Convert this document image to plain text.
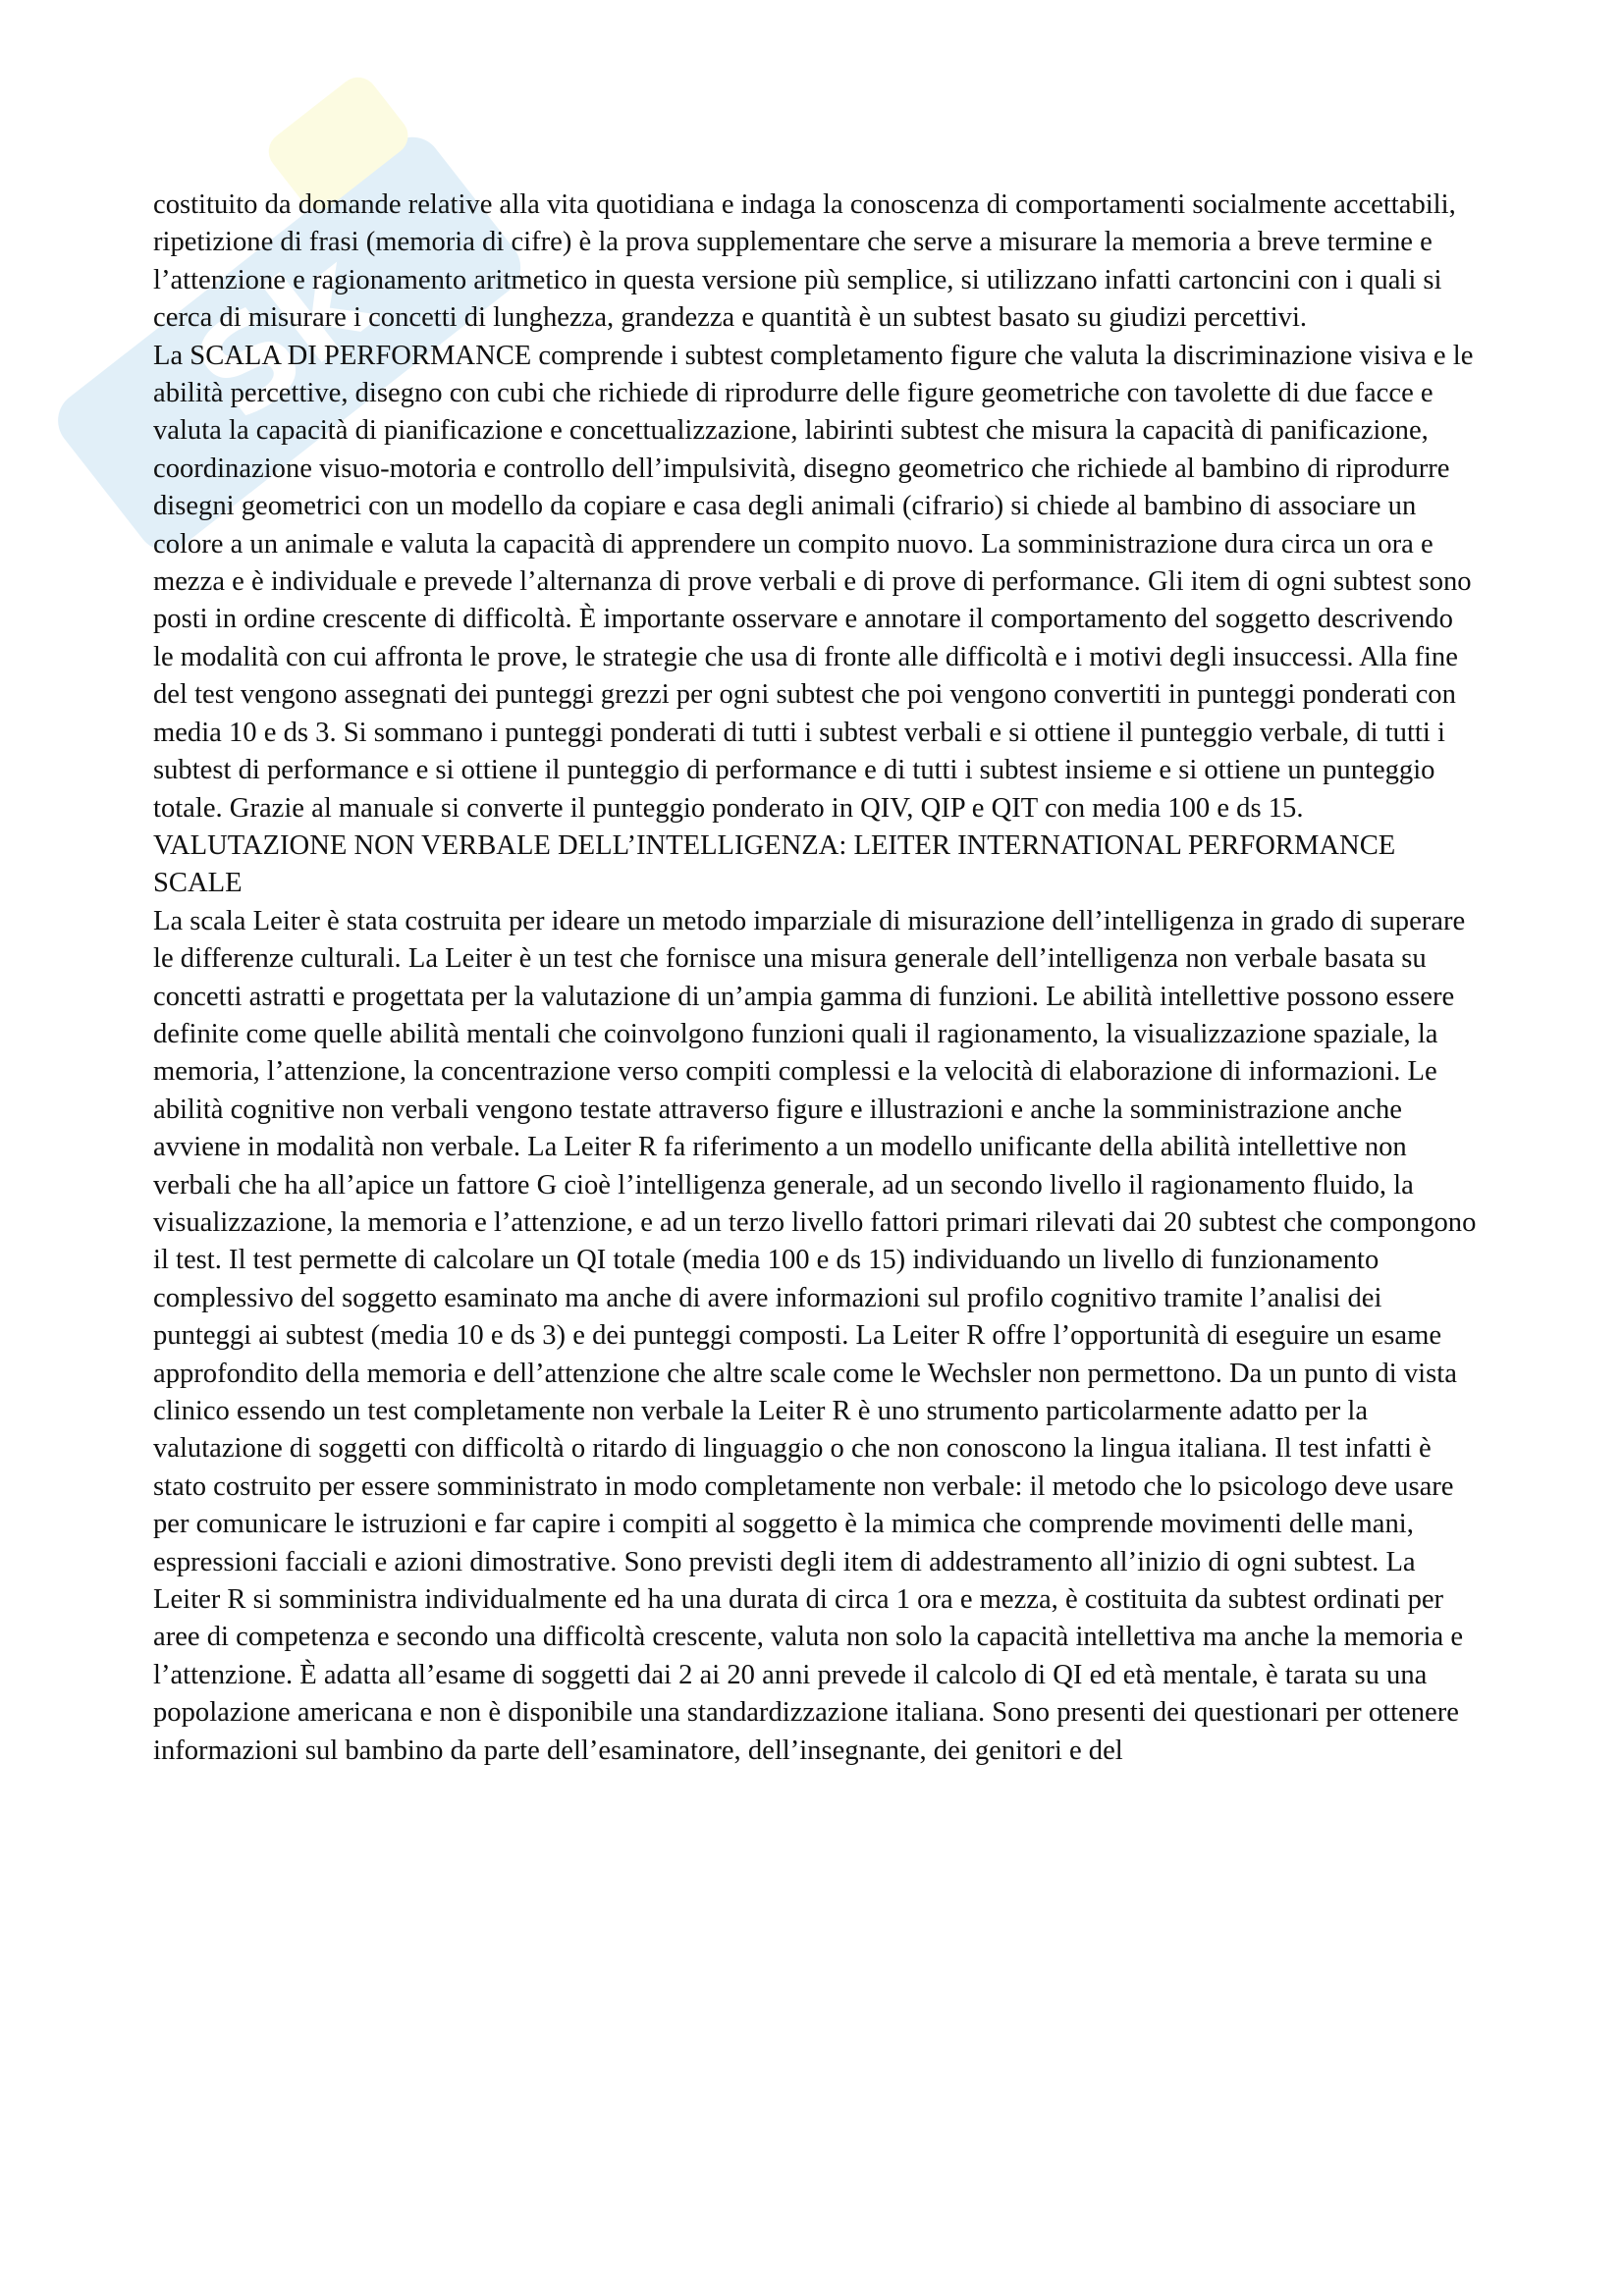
Sk

costituito da domande relative alla vita quotidiana e indaga la conoscenza di comportamenti socialmente accettabili, ripetizione di frasi (memoria di cifre) è la prova supplementare che serve a misurare la memoria a breve termine e l’attenzione e ragionamento aritmetico in questa versione più semplice, si utilizzano infatti cartoncini con i quali si cerca di misurare i concetti di lunghezza, grandezza e quantità è un subtest basato su giudizi percettivi.

La SCALA DI PERFORMANCE comprende i subtest completamento figure che valuta la discriminazione visiva e le abilità percettive, disegno con cubi che richiede di riprodurre delle figure geometriche con tavolette di due facce e valuta la capacità di pianificazione e concettualizzazione, labirinti subtest che misura la capacità di panificazione, coordinazione visuo-motoria e controllo dell’impulsività, disegno geometrico che richiede al bambino di riprodurre disegni geometrici con un modello da copiare e casa degli animali (cifrario) si chiede al bambino di associare un colore a un animale e valuta la capacità di apprendere un compito nuovo. La somministrazione dura circa un ora e mezza e è individuale e prevede l’alternanza di prove verbali e di prove di performance. Gli item di ogni subtest sono posti in ordine crescente di difficoltà. È importante osservare e annotare il comportamento del soggetto descrivendo le modalità con cui affronta le prove, le strategie che usa di fronte alle difficoltà e i motivi degli insuccessi. Alla fine del test vengono assegnati dei punteggi grezzi per ogni subtest che poi vengono convertiti in punteggi ponderati con media 10 e ds 3. Si sommano i punteggi ponderati di tutti i subtest verbali e si ottiene il punteggio verbale, di tutti i subtest di performance e si ottiene il punteggio di performance e di tutti i subtest insieme e si ottiene un punteggio totale. Grazie al manuale si converte il punteggio ponderato in QIV, QIP e QIT con media 100 e ds 15.

VALUTAZIONE NON VERBALE DELL’INTELLIGENZA: LEITER INTERNATIONAL PERFORMANCE SCALE

La scala Leiter è stata costruita per ideare un metodo imparziale di misurazione dell’intelligenza in grado di superare le differenze culturali. La Leiter è un test che fornisce una misura generale dell’intelligenza non verbale basata su concetti astratti e progettata per la valutazione di un’ampia gamma di funzioni. Le abilità intellettive possono essere definite come quelle abilità mentali che coinvolgono funzioni quali il ragionamento, la visualizzazione spaziale, la memoria, l’attenzione, la concentrazione verso compiti complessi e la velocità di elaborazione di informazioni. Le abilità cognitive non verbali vengono testate attraverso figure e illustrazioni e anche la somministrazione anche avviene in modalità non verbale. La Leiter R fa riferimento a un modello unificante della abilità intellettive non verbali che ha all’apice un fattore G cioè l’intelligenza generale, ad un secondo livello il ragionamento fluido, la visualizzazione, la memoria e l’attenzione, e ad un terzo livello fattori primari rilevati dai 20 subtest che compongono il test. Il test permette di calcolare un QI totale (media 100 e ds 15) individuando un livello di funzionamento complessivo del soggetto esaminato ma anche di avere informazioni sul profilo cognitivo tramite l’analisi dei punteggi ai subtest (media 10 e ds 3) e dei punteggi composti. La Leiter R offre l’opportunità di eseguire un esame approfondito della memoria e dell’attenzione che altre scale come le Wechsler non permettono. Da un punto di vista clinico essendo un test completamente non verbale la Leiter R è uno strumento particolarmente adatto per la valutazione di soggetti con difficoltà o ritardo di linguaggio o che non conoscono la lingua italiana. Il test infatti è stato costruito per essere somministrato in modo completamente non verbale: il metodo che lo psicologo deve usare per comunicare le istruzioni e far capire i compiti al soggetto è la mimica che comprende movimenti delle mani, espressioni facciali e azioni dimostrative. Sono previsti degli item di addestramento all’inizio di ogni subtest. La Leiter R si somministra individualmente ed ha una durata di circa 1 ora e mezza, è costituita da subtest ordinati per aree di competenza e secondo una difficoltà crescente, valuta non solo la capacità intellettiva ma anche la memoria e l’attenzione. È adatta all’esame di soggetti dai 2 ai 20 anni prevede il calcolo di QI ed età mentale, è tarata su una popolazione americana e non è disponibile una standardizzazione italiana. Sono presenti dei questionari per ottenere informazioni sul bambino da parte dell’esaminatore, dell’insegnante, dei genitori e del
